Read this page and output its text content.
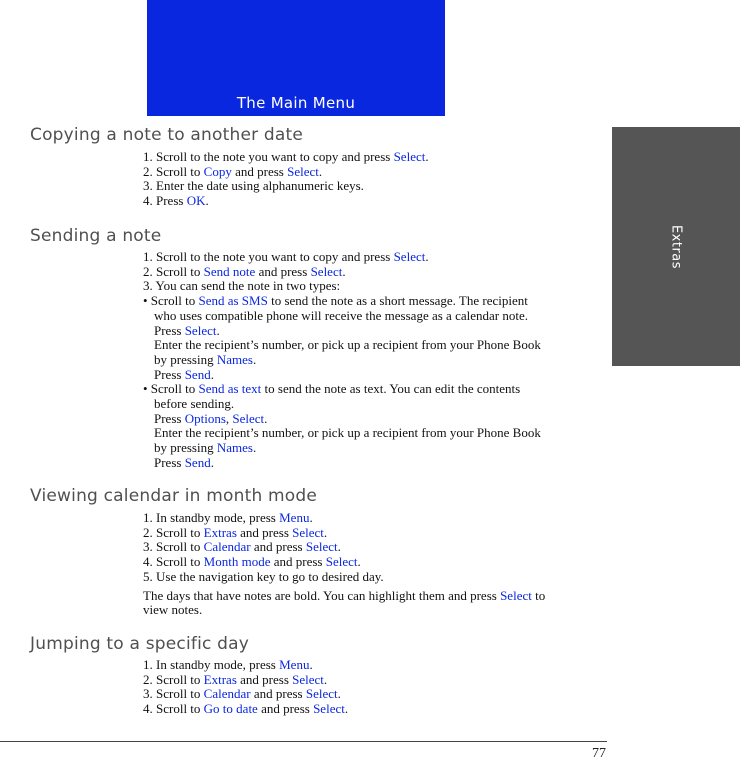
The Main Menu
Extras
Copying a note to another date

1. Scroll to the note you want to copy and press Select.

2. Scroll to Copy and press Select.

3. Enter the date using alphanumeric keys.

4. Press OK.

Sending a note

1. Scroll to the note you want to copy and press Select.

2. Scroll to Send note and press Select.

3. You can send the note in two types:

• Scroll to Send as SMS to send the note as a short message. The recipient

who uses compatible phone will receive the message as a calendar note.

Press Select.

Enter the recipient’s number, or pick up a recipient from your Phone Book

by pressing Names.

Press Send.

• Scroll to Send as text to send the note as text. You can edit the contents

before sending.

Press Options, Select.

Enter the recipient’s number, or pick up a recipient from your Phone Book

by pressing Names.

Press Send.

Viewing calendar in month mode

1. In standby mode, press Menu.

2. Scroll to Extras and press Select.

3. Scroll to Calendar and press Select.

4. Scroll to Month mode and press Select.

5. Use the navigation key to go to desired day.

The days that have notes are bold. You can highlight them and press Select to

view notes.

Jumping to a specific day

1. In standby mode, press Menu.

2. Scroll to Extras and press Select.

3. Scroll to Calendar and press Select.

4. Scroll to Go to date and press Select.

77
